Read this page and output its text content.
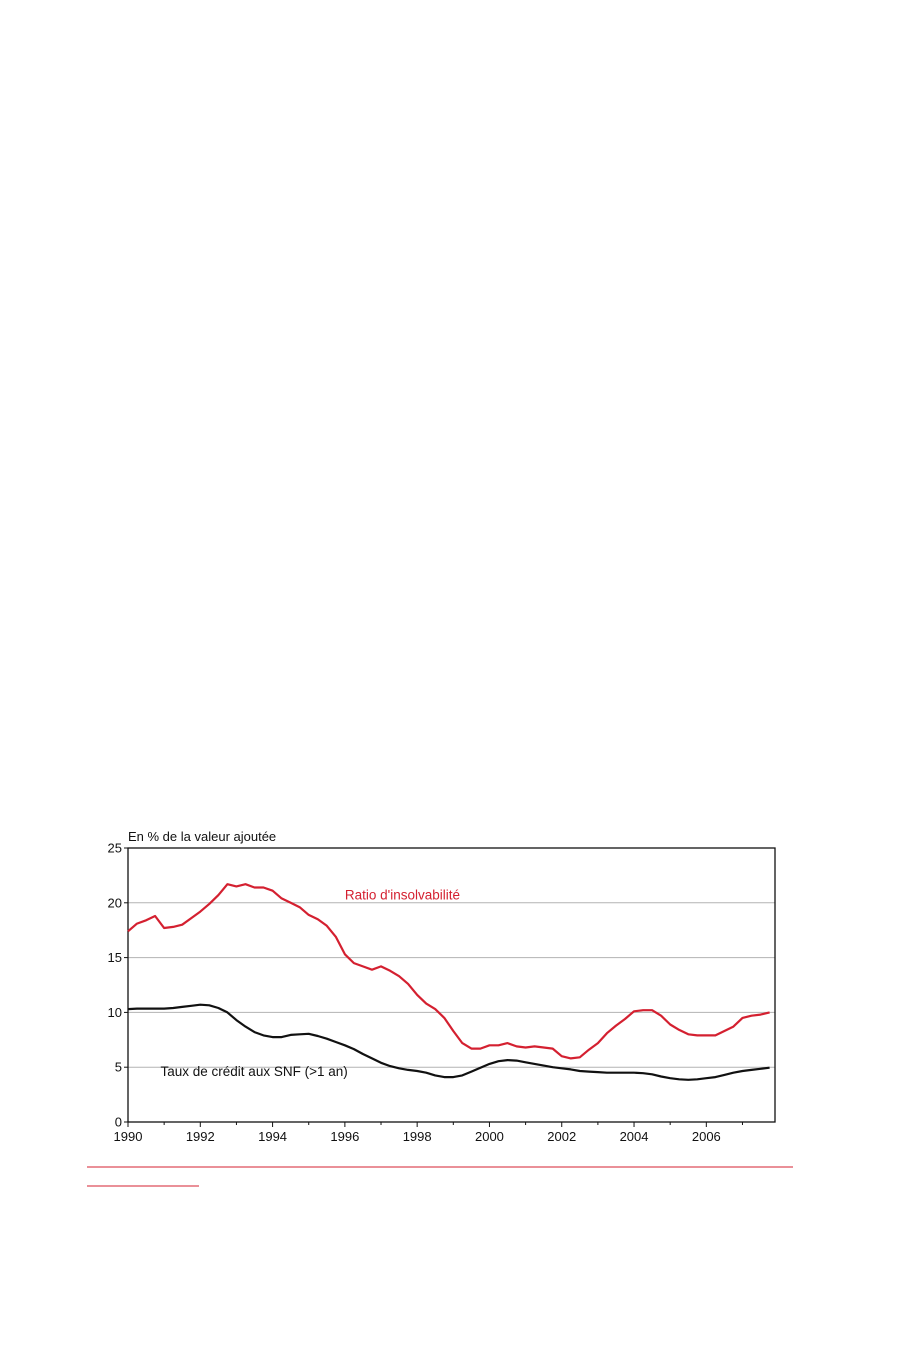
0
5
10
15
20
25
1990	1992	1994	1996	1998	2000	2002	2004	2006
Ratio d'insolvabilité
Taux de crédit aux SNF (>1 an)
En % de la valeur ajoutée
